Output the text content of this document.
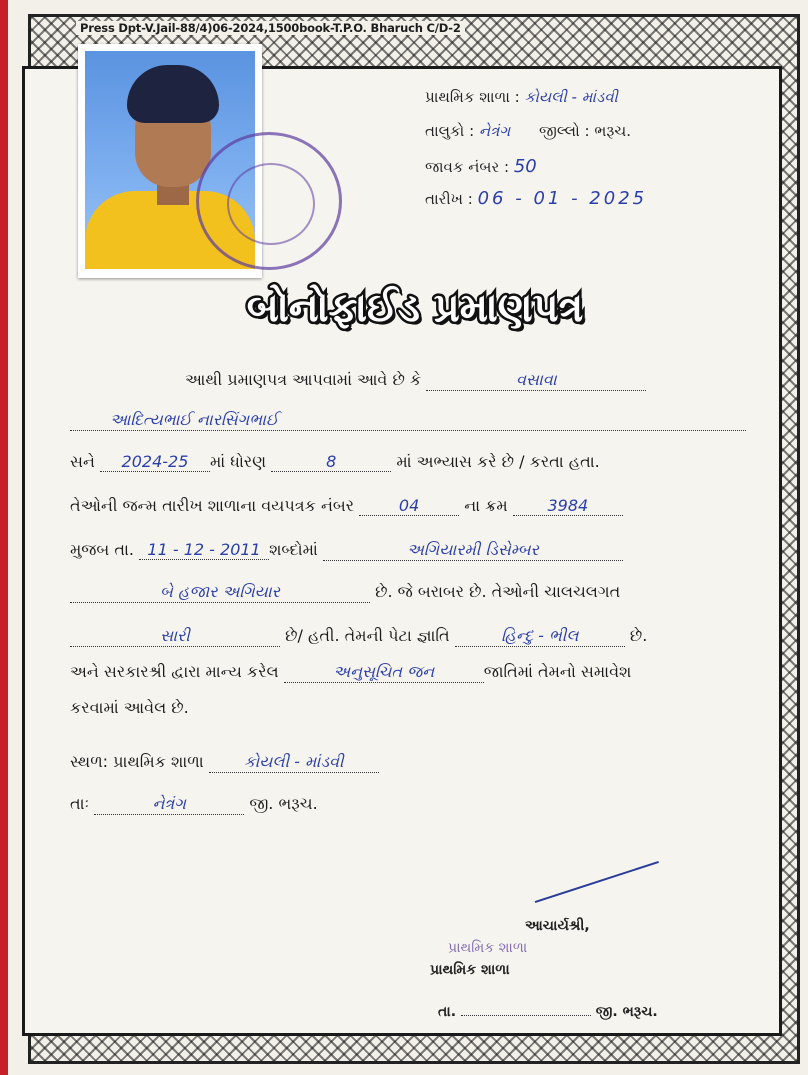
Press Dpt-V.Jail-88/4)06-2024,1500book-T.P.O. Bharuch C/D-2
પ્રાથમિક શાળા : કોયલી - માંડવી
તાલુકો : નેત્રંગ જીલ્લો : ભરૂચ.
જાવક નંબર : 50
તારીખ : 06 - 01 - 2025
બોનોફાઈડ પ્રમાણપત્ર
આથી પ્રમાણપત્ર આપવામાં આવે છે કે	વસાવા
આદિત્યભાઈ નારસિંગભાઈ
સને 2024-25 માં ધોરણ	8	માં અભ્યાસ કરે છે / કરતા હતા.
તેઓની જન્મ તારીખ શાળાના વયપત્રક નંબર	04	ના ક્રમ 3984
મુજબ તા. 11 - 12 - 2011 શબ્દોમાં	અગિયારમી ડિસેમ્બર
બે હજાર અગિયાર	છે. જે બરાબર છે. તેઓની ચાલચલગત
સારી	છે/ હતી. તેમની પેટા જ્ઞાતિ	હિન્દુ - ભીલ	છે.
અને સરકારશ્રી દ્વારા માન્ય કરેલ	અનુસૂચિત જન	જાતિમાં તેમનો સમાવેશ
કરવામાં આવેલ છે.
સ્થળ: પ્રાથમિક શાળા	કોયલી - માંડવી
તાઃ	નેત્રંગ	જી. ભરૂચ.
પ્રાથમિક શાળા
આચાર્યશ્રી,
પ્રાથમિક શાળા
તા.	જી. ભરૂચ.
